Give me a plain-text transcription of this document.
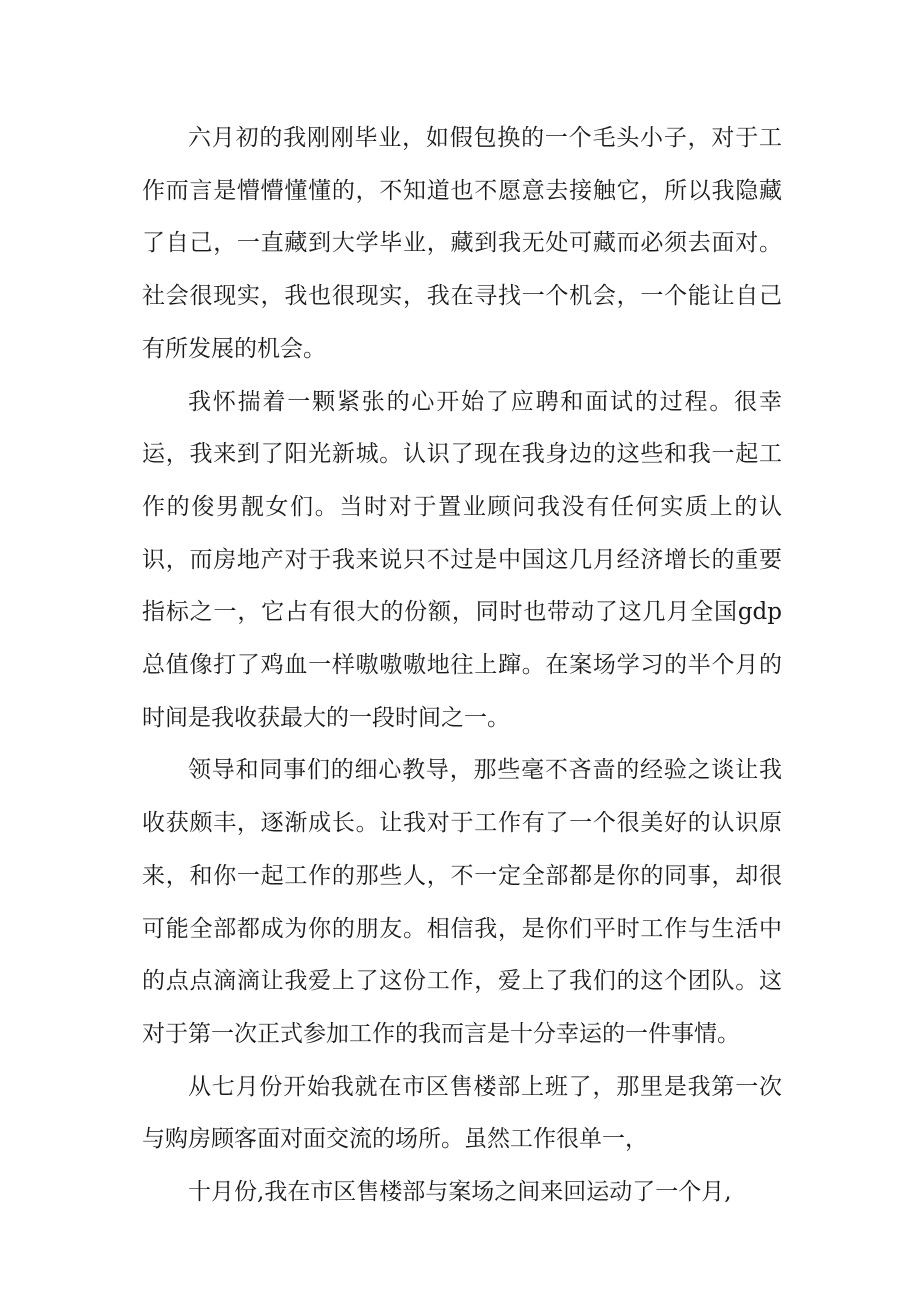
六月初的我刚刚毕业，如假包换的一个毛头小子，对于工作而言是懵懵懂懂的，不知道也不愿意去接触它，所以我隐藏了自己，一直藏到大学毕业，藏到我无处可藏而必须去面对。社会很现实，我也很现实，我在寻找一个机会，一个能让自己有所发展的机会。

我怀揣着一颗紧张的心开始了应聘和面试的过程。很幸运，我来到了阳光新城。认识了现在我身边的这些和我一起工作的俊男靓女们。当时对于置业顾问我没有任何实质上的认识，而房地产对于我来说只不过是中国这几月经济增长的重要指标之一，它占有很大的份额，同时也带动了这几月全国gdp总值像打了鸡血一样嗷嗷嗷地往上蹿。在案场学习的半个月的时间是我收获最大的一段时间之一。

领导和同事们的细心教导，那些毫不吝啬的经验之谈让我收获颇丰，逐渐成长。让我对于工作有了一个很美好的认识原来，和你一起工作的那些人，不一定全部都是你的同事，却很可能全部都成为你的朋友。相信我，是你们平时工作与生活中的点点滴滴让我爱上了这份工作，爱上了我们的这个团队。这对于第一次正式参加工作的我而言是十分幸运的一件事情。

从七月份开始我就在市区售楼部上班了，那里是我第一次与购房顾客面对面交流的场所。虽然工作很单一，

十月份,我在市区售楼部与案场之间来回运动了一个月,
